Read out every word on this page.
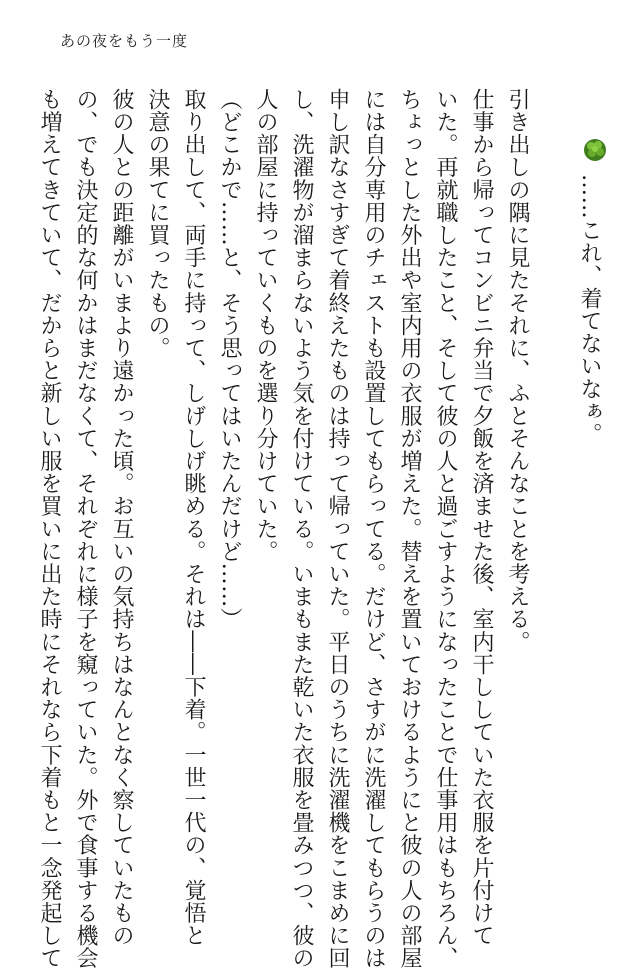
あの夜をもう一度

……これ、着てないなぁ。

引き出しの隅に見たそれに、ふとそんなことを考える。

仕事から帰ってコンビニ弁当で夕飯を済ませた後、室内干ししていた衣服を片付けて

いた。再就職したこと、そして彼の人と過ごすようになったことで仕事用はもちろん、

ちょっとした外出や室内用の衣服が増えた。替えを置いておけるようにと彼の人の部屋

には自分専用のチェストも設置してもらってる。だけど、さすがに洗濯してもらうのは

申し訳なさすぎて着終えたものは持って帰っていた。平日のうちに洗濯機をこまめに回

し、洗濯物が溜まらないよう気を付けている。いまもまた乾いた衣服を畳みつつ、彼の

人の部屋に持っていくものを選り分けていた。

（どこかで……と、そう思ってはいたんだけど……）

取り出して、両手に持って、しげしげ眺める。それは――下着。一世一代の、覚悟と

決意の果てに買ったもの。

彼の人との距離がいまより遠かった頃。お互いの気持ちはなんとなく察していたもの

の、でも決定的な何かはまだなくて、それぞれに様子を窺っていた。外で食事する機会

も増えてきていて、だからと新しい服を買いに出た時にそれなら下着もと一念発起して
